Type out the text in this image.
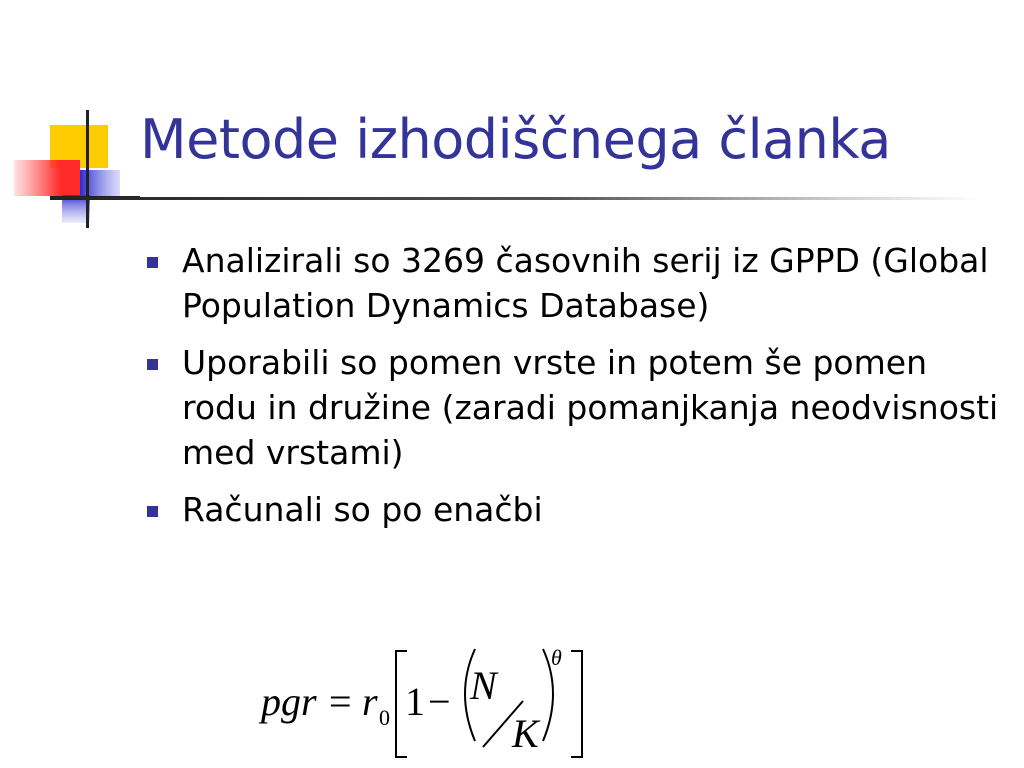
Metode izhodiščnega članka
Analizirali so 3269 časovnih serij iz GPPD (Global Population Dynamics Database)
Uporabili so pomen vrste in potem še pomen rodu in družine (zaradi pomanjkanja neodvisnosti med vrstami)
Računali so po enačbi
pgr r N
K
θ
= 0 1 −
